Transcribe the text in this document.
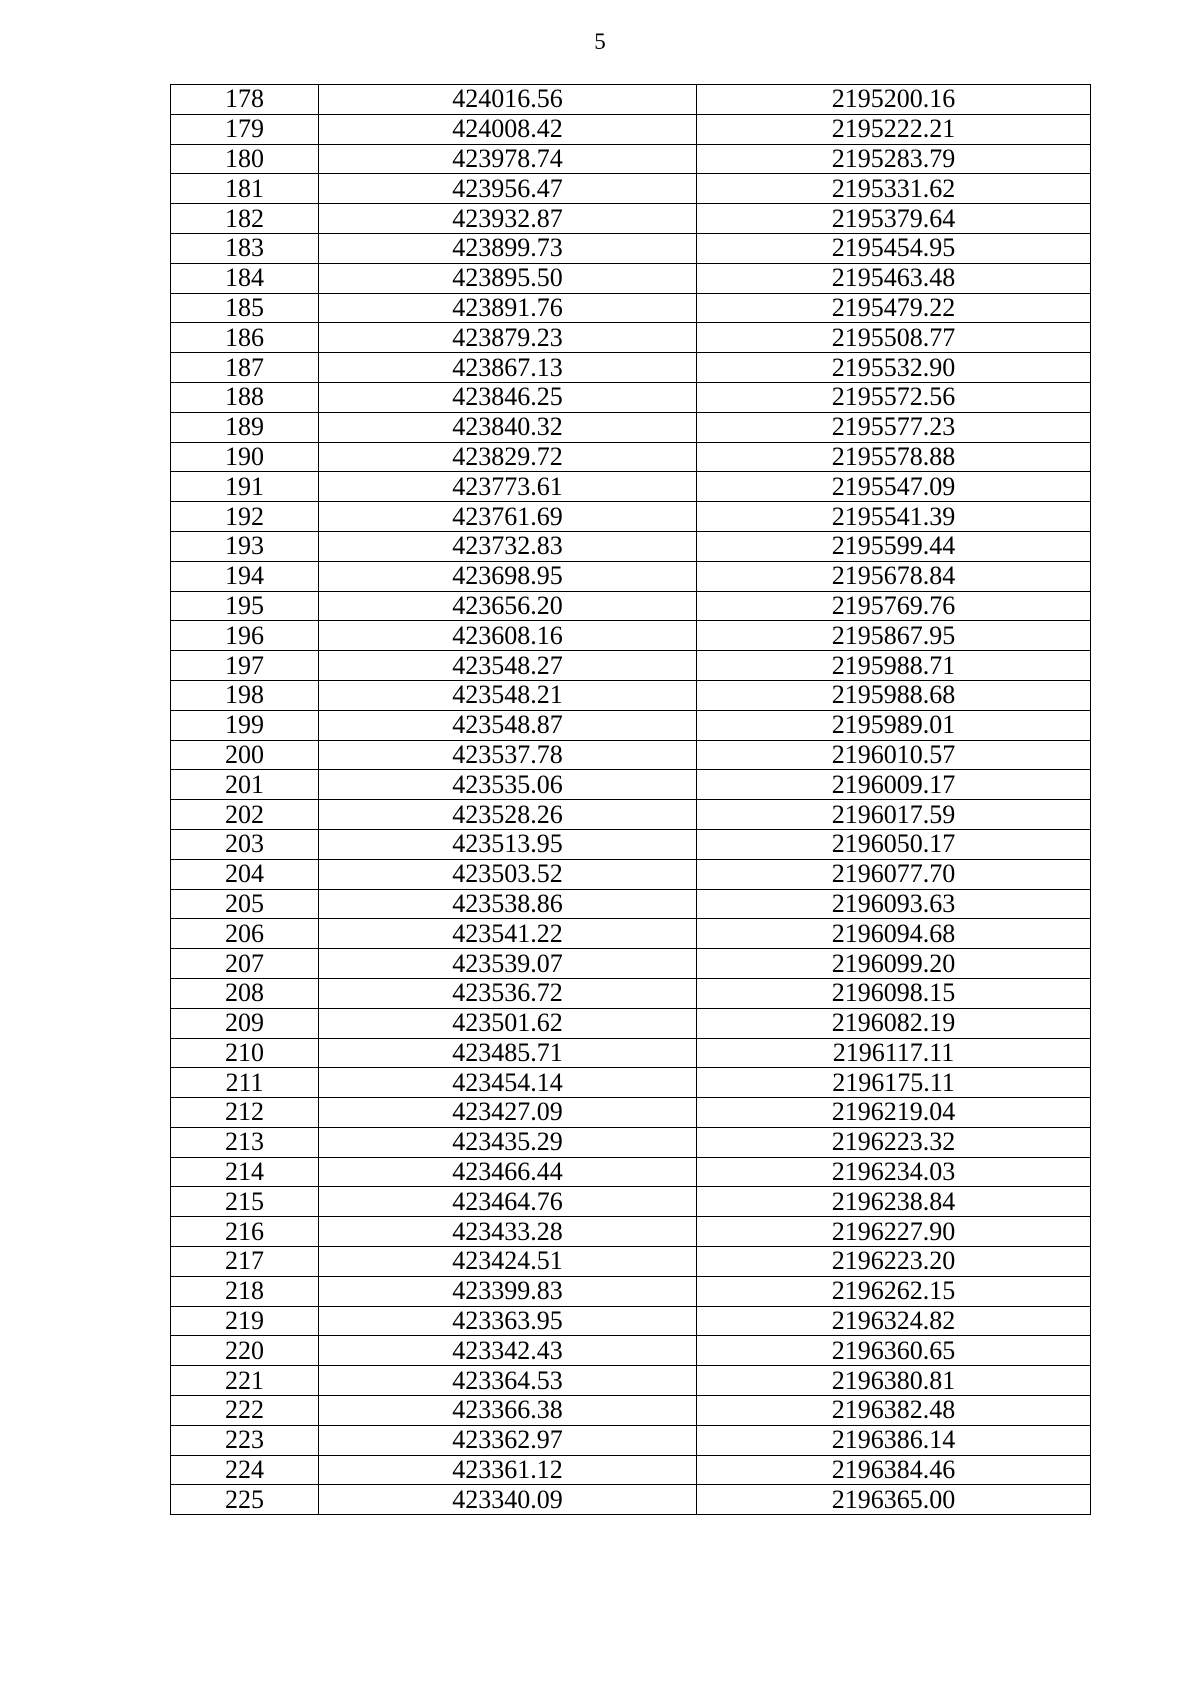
5
178	424016.56	2195200.16
179	424008.42	2195222.21
180	423978.74	2195283.79
181	423956.47	2195331.62
182	423932.87	2195379.64
183	423899.73	2195454.95
184	423895.50	2195463.48
185	423891.76	2195479.22
186	423879.23	2195508.77
187	423867.13	2195532.90
188	423846.25	2195572.56
189	423840.32	2195577.23
190	423829.72	2195578.88
191	423773.61	2195547.09
192	423761.69	2195541.39
193	423732.83	2195599.44
194	423698.95	2195678.84
195	423656.20	2195769.76
196	423608.16	2195867.95
197	423548.27	2195988.71
198	423548.21	2195988.68
199	423548.87	2195989.01
200	423537.78	2196010.57
201	423535.06	2196009.17
202	423528.26	2196017.59
203	423513.95	2196050.17
204	423503.52	2196077.70
205	423538.86	2196093.63
206	423541.22	2196094.68
207	423539.07	2196099.20
208	423536.72	2196098.15
209	423501.62	2196082.19
210	423485.71	2196117.11
211	423454.14	2196175.11
212	423427.09	2196219.04
213	423435.29	2196223.32
214	423466.44	2196234.03
215	423464.76	2196238.84
216	423433.28	2196227.90
217	423424.51	2196223.20
218	423399.83	2196262.15
219	423363.95	2196324.82
220	423342.43	2196360.65
221	423364.53	2196380.81
222	423366.38	2196382.48
223	423362.97	2196386.14
224	423361.12	2196384.46
225	423340.09	2196365.00
